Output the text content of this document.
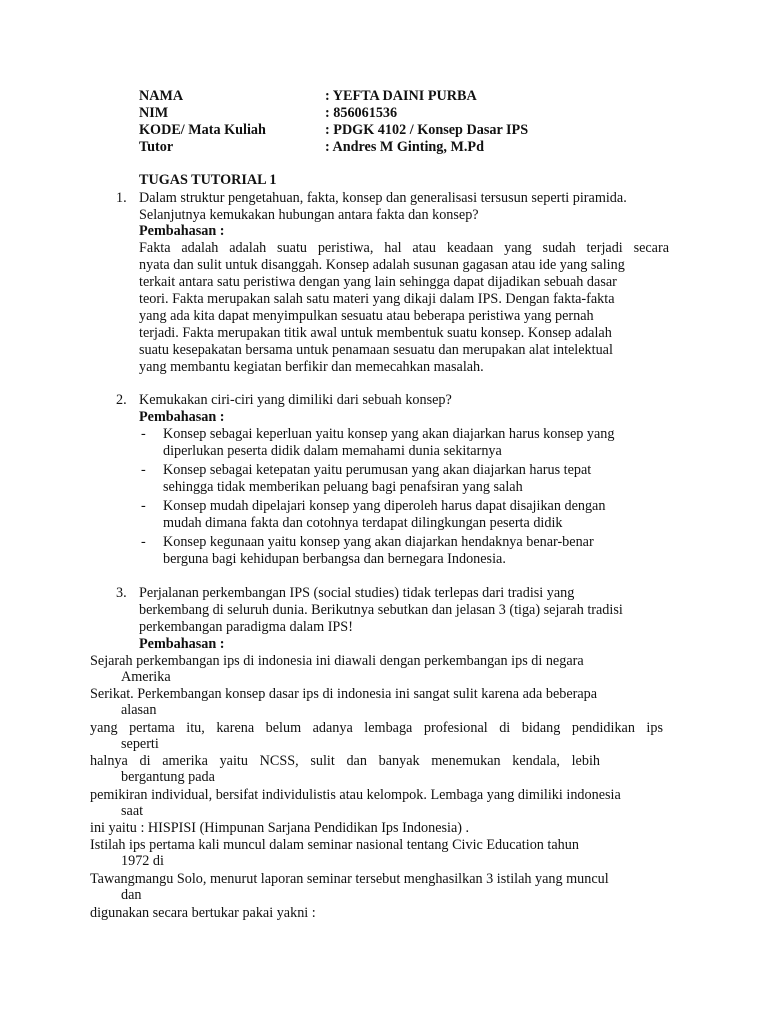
NAMA	: YEFTA DAINI PURBA
NIM	: 856061536
KODE/ Mata Kuliah	: PDGK 4102 / Konsep Dasar IPS
Tutor	: Andres M Ginting, M.Pd
TUGAS TUTORIAL 1
1. Dalam struktur pengetahuan, fakta, konsep dan generalisasi tersusun seperti piramida.
Selanjutnya kemukakan hubungan antara fakta dan konsep?
Pembahasan :
Fakta adalah adalah suatu peristiwa, hal atau keadaan yang sudah terjadi secara
nyata dan sulit untuk disanggah. Konsep adalah susunan gagasan atau ide yang saling
terkait antara satu peristiwa dengan yang lain sehingga dapat dijadikan sebuah dasar
teori. Fakta merupakan salah satu materi yang dikaji dalam IPS. Dengan fakta-fakta
yang ada kita dapat menyimpulkan sesuatu atau beberapa peristiwa yang pernah
terjadi. Fakta merupakan titik awal untuk membentuk suatu konsep. Konsep adalah
suatu kesepakatan bersama untuk penamaan sesuatu dan merupakan alat intelektual
yang membantu kegiatan berfikir dan memecahkan masalah.
2. Kemukakan ciri-ciri yang dimiliki dari sebuah konsep?
Pembahasan :
- Konsep sebagai keperluan yaitu konsep yang akan diajarkan harus konsep yang
diperlukan peserta didik dalam memahami dunia sekitarnya
- Konsep sebagai ketepatan yaitu perumusan yang akan diajarkan harus tepat
sehingga tidak memberikan peluang bagi penafsiran yang salah
- Konsep mudah dipelajari konsep yang diperoleh harus dapat disajikan dengan
mudah dimana fakta dan cotohnya terdapat dilingkungan peserta didik
- Konsep kegunaan yaitu konsep yang akan diajarkan hendaknya benar-benar
berguna bagi kehidupan berbangsa dan bernegara Indonesia.
3. Perjalanan perkembangan IPS (social studies) tidak terlepas dari tradisi yang
berkembang di seluruh dunia. Berikutnya sebutkan dan jelasan 3 (tiga) sejarah tradisi
perkembangan paradigma dalam IPS!
Pembahasan :
Sejarah perkembangan ips di indonesia ini diawali dengan perkembangan ips di negara
Amerika
Serikat. Perkembangan konsep dasar ips di indonesia ini sangat sulit karena ada beberapa
alasan
yang pertama itu, karena belum adanya lembaga profesional di bidang pendidikan ips
seperti
halnya di amerika yaitu NCSS, sulit dan banyak menemukan kendala, lebih
bergantung pada
pemikiran individual, bersifat individulistis atau kelompok. Lembaga yang dimiliki indonesia
saat
ini yaitu : HISPISI (Himpunan Sarjana Pendidikan Ips Indonesia) .
Istilah ips pertama kali muncul dalam seminar nasional tentang Civic Education tahun
1972 di
Tawangmangu Solo, menurut laporan seminar tersebut menghasilkan 3 istilah yang muncul
dan
digunakan secara bertukar pakai yakni :
